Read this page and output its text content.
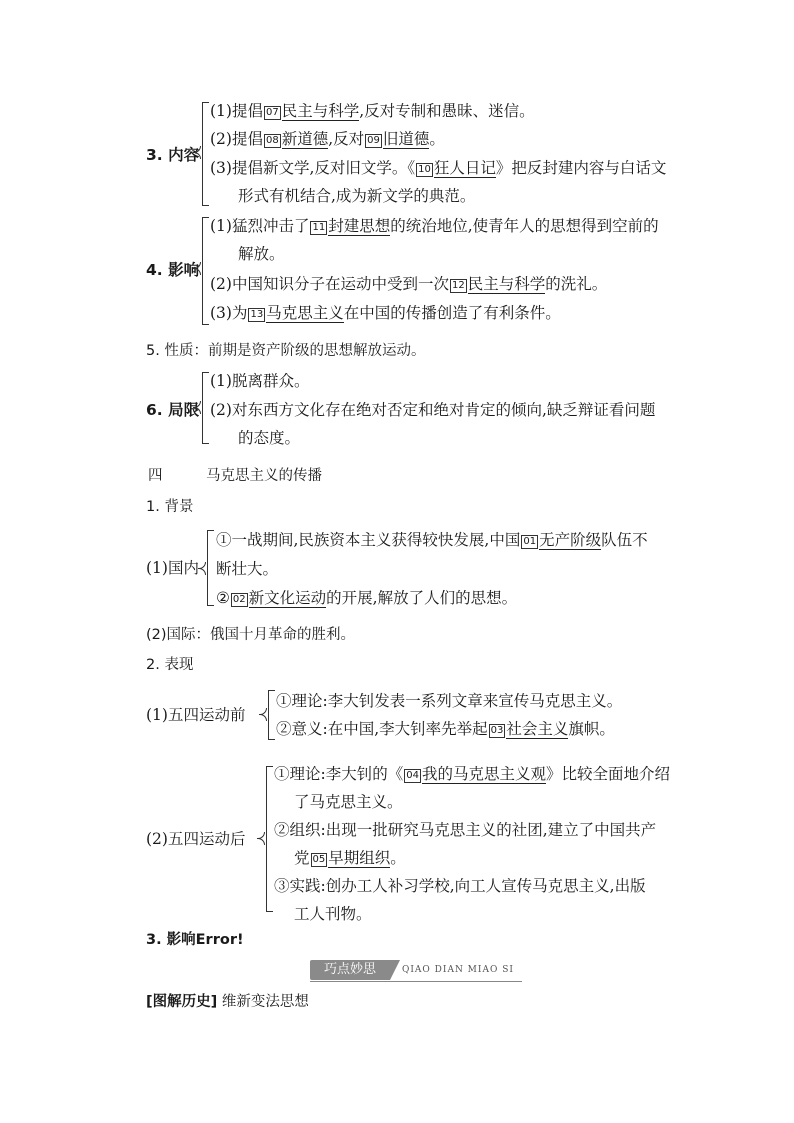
3. 内容
(1)提倡 07 民主与科学,反对专制和愚昧、迷信。
(2)提倡 08 新道德,反对 09 旧道德。
(3)提倡新文学,反对旧文学。《 10 狂人日记》把反封建内容与白话文
形式有机结合,成为新文学的典范。
4. 影响
(1)猛烈冲击了 11 封建思想的统治地位,使青年人的思想得到空前的
解放。
(2)中国知识分子在运动中受到一次 12 民主与科学的洗礼。
(3)为 13 马克思主义在中国的传播创造了有利条件。
5. 性质：前期是资产阶级的思想解放运动。
6. 局限
(1)脱离群众。
(2)对东西方文化存在绝对否定和绝对肯定的倾向,缺乏辩证看问题
的态度。
四	马克思主义的传播
1. 背景
(1)国内
①一战期间,民族资本主义获得较快发展,中国 01 无产阶级队伍不
断壮大。
② 02 新文化运动的开展,解放了人们的思想。
(2)国际：俄国十月革命的胜利。
2. 表现
(1)五四运动前
①理论:李大钊发表一系列文章来宣传马克思主义。
②意义:在中国,李大钊率先举起 03 社会主义旗帜。
(2)五四运动后
①理论:李大钊的《 04 我的马克思主义观》比较全面地介绍
了马克思主义。
②组织:出现一批研究马克思主义的社团,建立了中国共产
党 05 早期组织。
③实践:创办工人补习学校,向工人宣传马克思主义,出版
工人刊物。
3. 影响Error!
巧点妙思	QIAO DIAN MIAO SI
[图解历史] 维新变法思想
